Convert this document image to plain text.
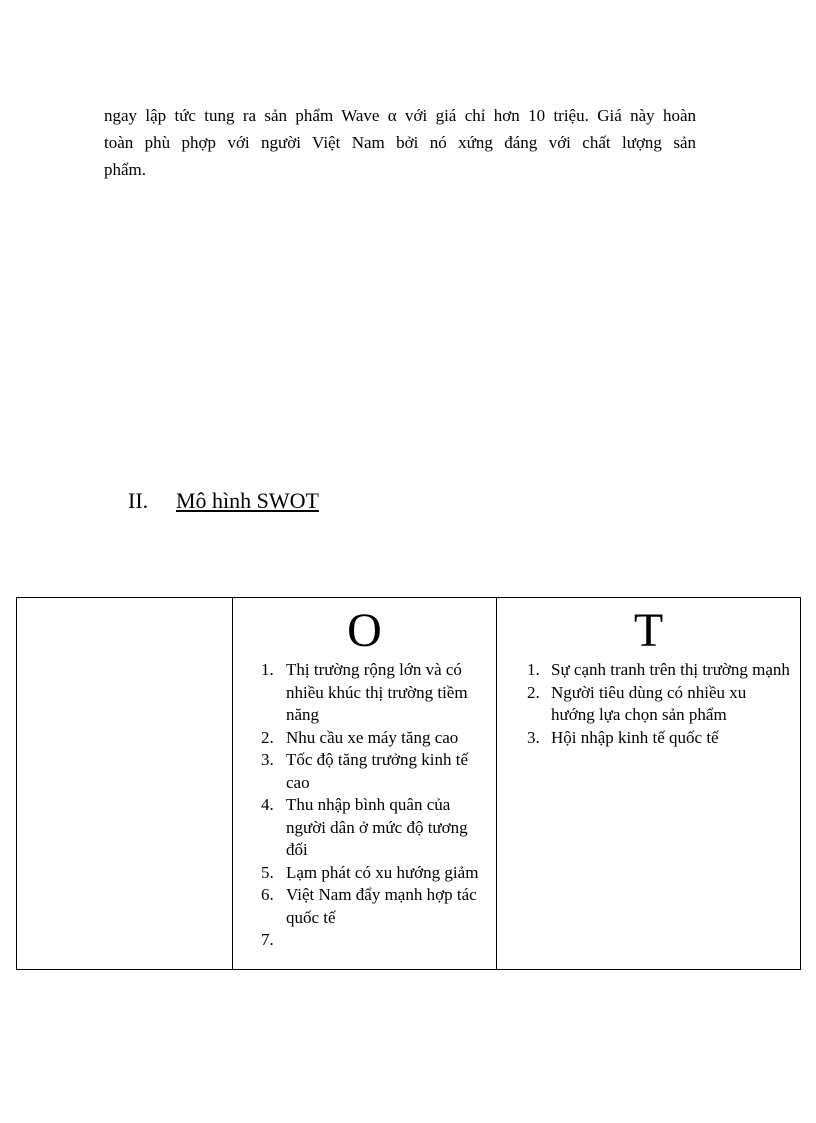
ngay lập tức tung ra sản phẩm Wave α với giá chỉ hơn 10 triệu. Giá này hoàn
toàn phù phợp với người Việt Nam bởi nó xứng đáng với chất lượng sản
phẩm.
II. Mô hình SWOT
O
1. Thị trường rộng lớn và có nhiều khúc thị trường tiềm năng
2. Nhu cầu xe máy tăng cao
3. Tốc độ tăng trưởng kinh tế cao
4. Thu nhập bình quân của người dân ở mức độ tương đối
5. Lạm phát có xu hướng giảm
6. Việt Nam đẩy mạnh hợp tác quốc tế
7.
T
1. Sự cạnh tranh trên thị trường mạnh
2. Người tiêu dùng có nhiều xu hướng lựa chọn sản phẩm
3. Hội nhập kinh tế quốc tế
